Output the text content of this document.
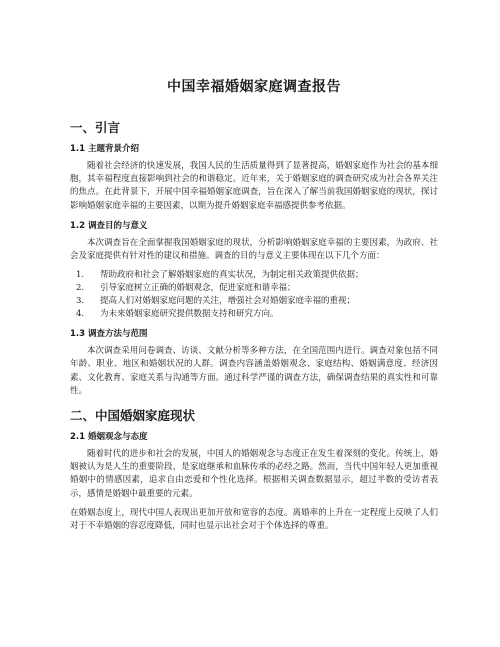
中国幸福婚姻家庭调查报告
一、引言
1.1 主题背景介绍

随着社会经济的快速发展，我国人民的生活质量得到了显著提高，婚姻家庭作为社会的基本细胞，其幸福程度直接影响到社会的和谐稳定。近年来，关于婚姻家庭的调查研究成为社会各界关注的焦点。在此背景下，开展中国幸福婚姻家庭调查，旨在深入了解当前我国婚姻家庭的现状，探讨影响婚姻家庭幸福的主要因素，以期为提升婚姻家庭幸福感提供参考依据。

1.2 调查目的与意义

本次调查旨在全面掌握我国婚姻家庭的现状，分析影响婚姻家庭幸福的主要因素，为政府、社会及家庭提供有针对性的建议和措施。调查的目的与意义主要体现在以下几个方面：

1.	帮助政府和社会了解婚姻家庭的真实状况，为制定相关政策提供依据；
2.	引导家庭树立正确的婚姻观念，促进家庭和谐幸福；
3.	提高人们对婚姻家庭问题的关注，增强社会对婚姻家庭幸福的重视；
4.	为未来婚姻家庭研究提供数据支持和研究方向。
1.3 调查方法与范围

本次调查采用问卷调查、访谈、文献分析等多种方法，在全国范围内进行。调查对象包括不同年龄、职业、地区和婚姻状况的人群。调查内容涵盖婚姻观念、家庭结构、婚姻满意度、经济因素、文化教育、家庭关系与沟通等方面。通过科学严谨的调查方法，确保调查结果的真实性和可靠性。

二、中国婚姻家庭现状
2.1 婚姻观念与态度

随着时代的进步和社会的发展，中国人的婚姻观念与态度正在发生着深刻的变化。传统上，婚姻被认为是人生的重要阶段，是家庭继承和血脉传承的必经之路。然而，当代中国年轻人更加重视婚姻中的情感因素，追求自由恋爱和个性化选择。根据相关调查数据显示，超过半数的受访者表示，感情是婚姻中最重要的元素。

在婚姻态度上，现代中国人表现出更加开放和宽容的态度。离婚率的上升在一定程度上反映了人们对于不幸婚姻的容忍度降低，同时也显示出社会对于个体选择的尊重。
